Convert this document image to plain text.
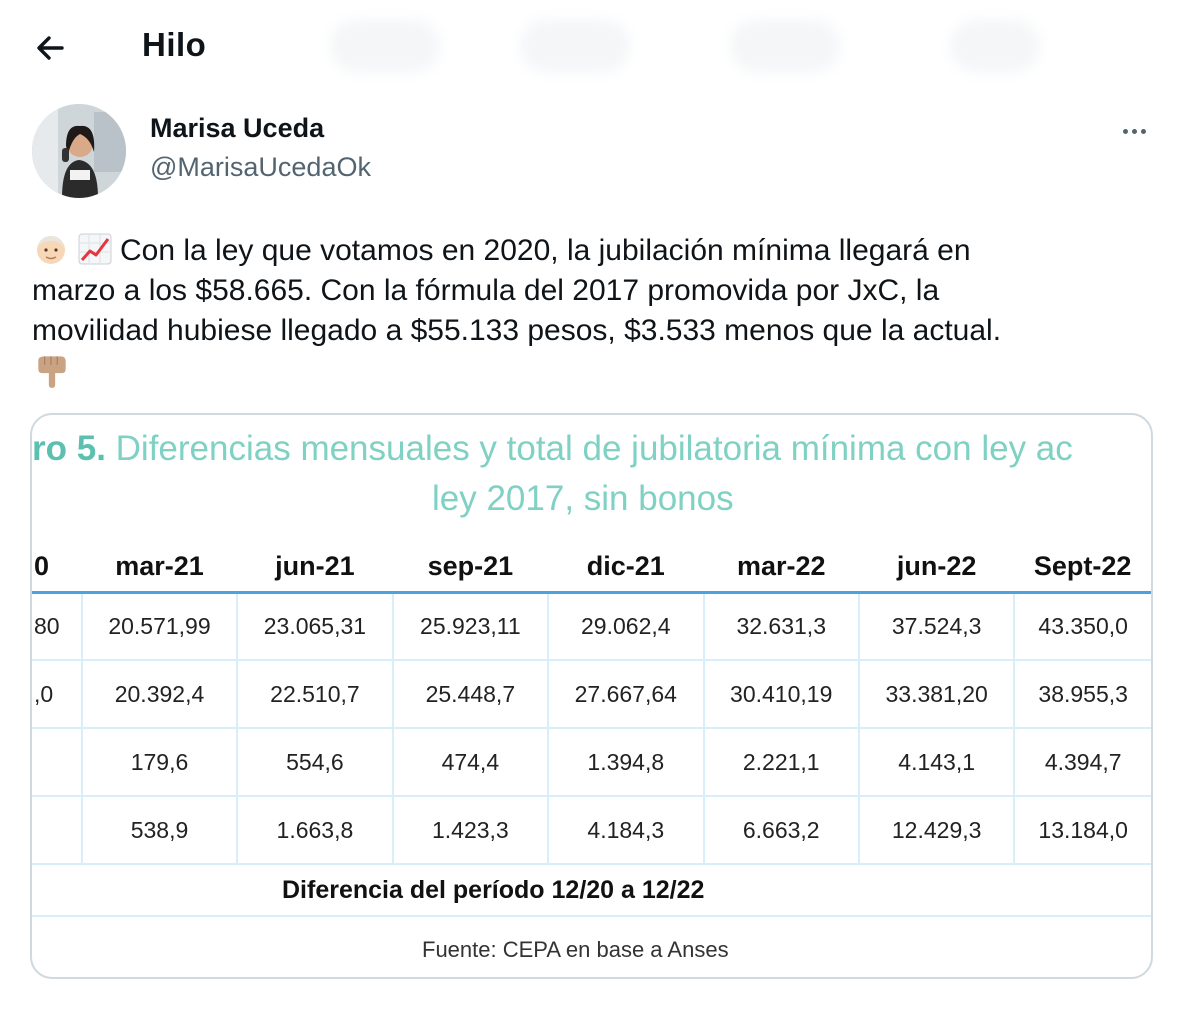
Hilo
Marisa Uceda
@MarisaUcedaOk
Con la ley que votamos en 2020, la jubilación mínima llegará en
marzo a los $58.665. Con la fórmula del 2017 promovida por JxC, la
movilidad hubiese llegado a $55.133 pesos, $3.533 menos que la actual.
ro 5. Diferencias mensuales y total de jubilatoria mínima con ley ac
ley 2017, sin bonos
0	mar-21	jun-21	sep-21	dic-21	mar-22	jun-22	Sept-22
80	20.571,99	23.065,31	25.923,11	29.062,4	32.631,3	37.524,3	43.350,0
,0	20.392,4	22.510,7	25.448,7	27.667,64	30.410,19	33.381,20	38.955,3
	179,6	554,6	474,4	1.394,8	2.221,1	4.143,1	4.394,7
	538,9	1.663,8	1.423,3	4.184,3	6.663,2	12.429,3	13.184,0
Diferencia del período 12/20 a 12/22
Fuente: CEPA en base a Anses
